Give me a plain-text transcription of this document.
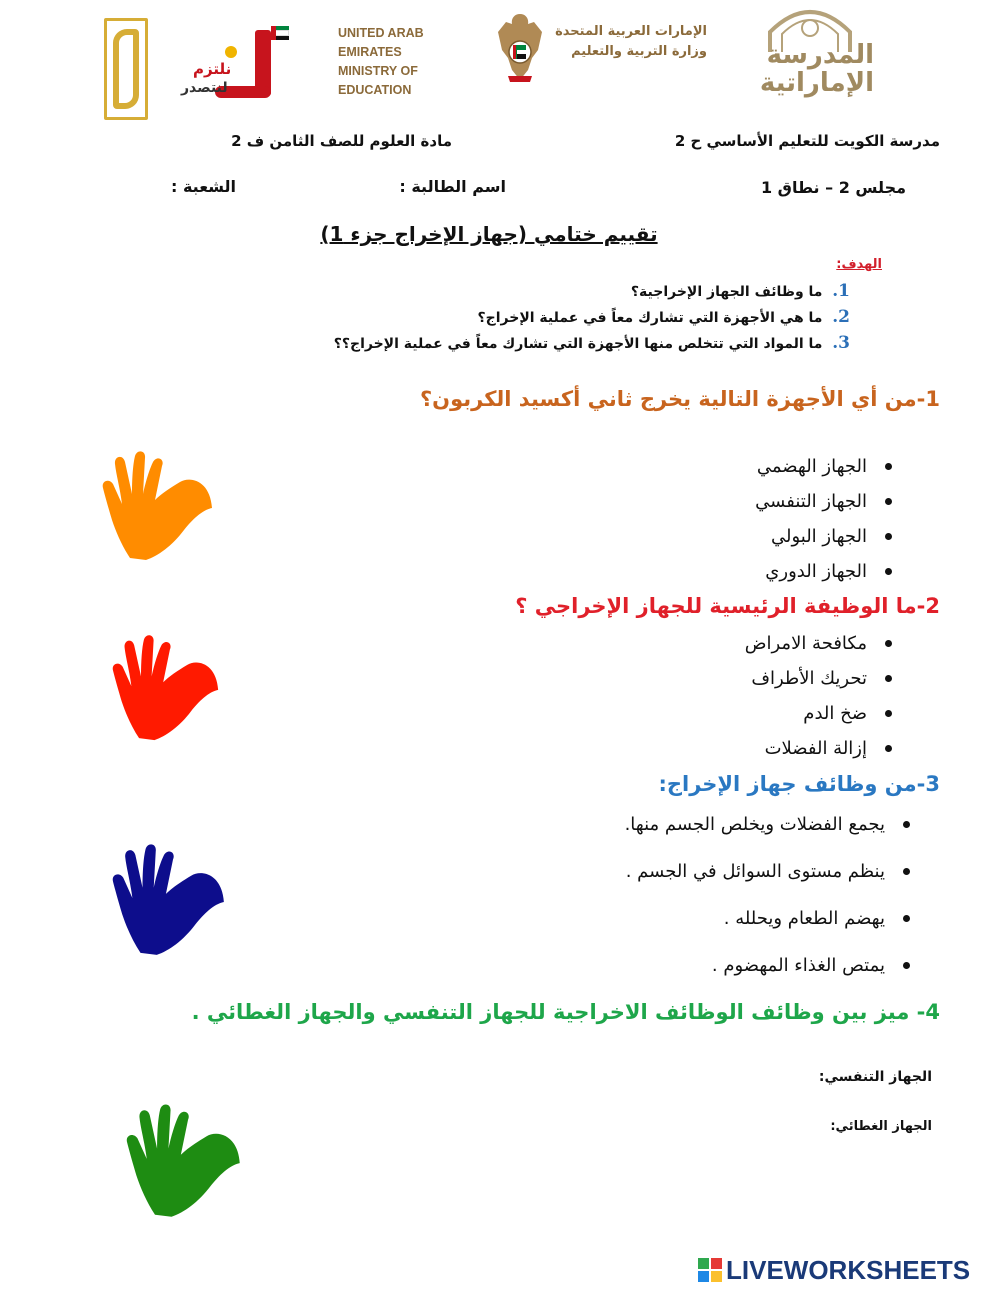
نلتزم
لنتصدر
UNITED ARAB EMIRATES
MINISTRY OF EDUCATION
الإمارات العربية المتحدة
وزارة التربية والتعليم المدرسة
الإماراتية
مدرسة الكويت للتعليم الأساسي ح 2
مادة العلوم للصف الثامن ف 2
مجلس 2 – نطاق 1
اسم الطالبة :
الشعبة :
تقييم ختامي (جهاز الإخراج جزء 1)
الهدف:
1.  ما وظائف الجهاز الإخراجية؟
2.  ما هي الأجهزة التي تشارك معاً في عملية الإخراج؟
3.  ما المواد التي تتخلص منها الأجهزة التي تشارك معاً في عملية الإخراج؟؟
1-من أي الأجهزة التالية يخرج ثاني أكسيد الكربون؟
الجهاز الهضمي
الجهاز التنفسي
الجهاز البولي
الجهاز الدوري
2-ما الوظيفة الرئيسية للجهاز الإخراجي ؟
مكافحة الامراض
تحريك الأطراف
ضخ الدم
إزالة الفضلات
3-من وظائف جهاز الإخراج:
يجمع الفضلات ويخلص الجسم منها.
ينظم مستوى السوائل في الجسم .
يهضم الطعام ويحلله .
يمتص الغذاء المهضوم .
4- ميز بين وظائف الوظائف الاخراجية للجهاز التنفسي والجهاز الغطائي .
الجهاز التنفسي:
الجهاز الغطائي:
LIVEWORKSHEETS
